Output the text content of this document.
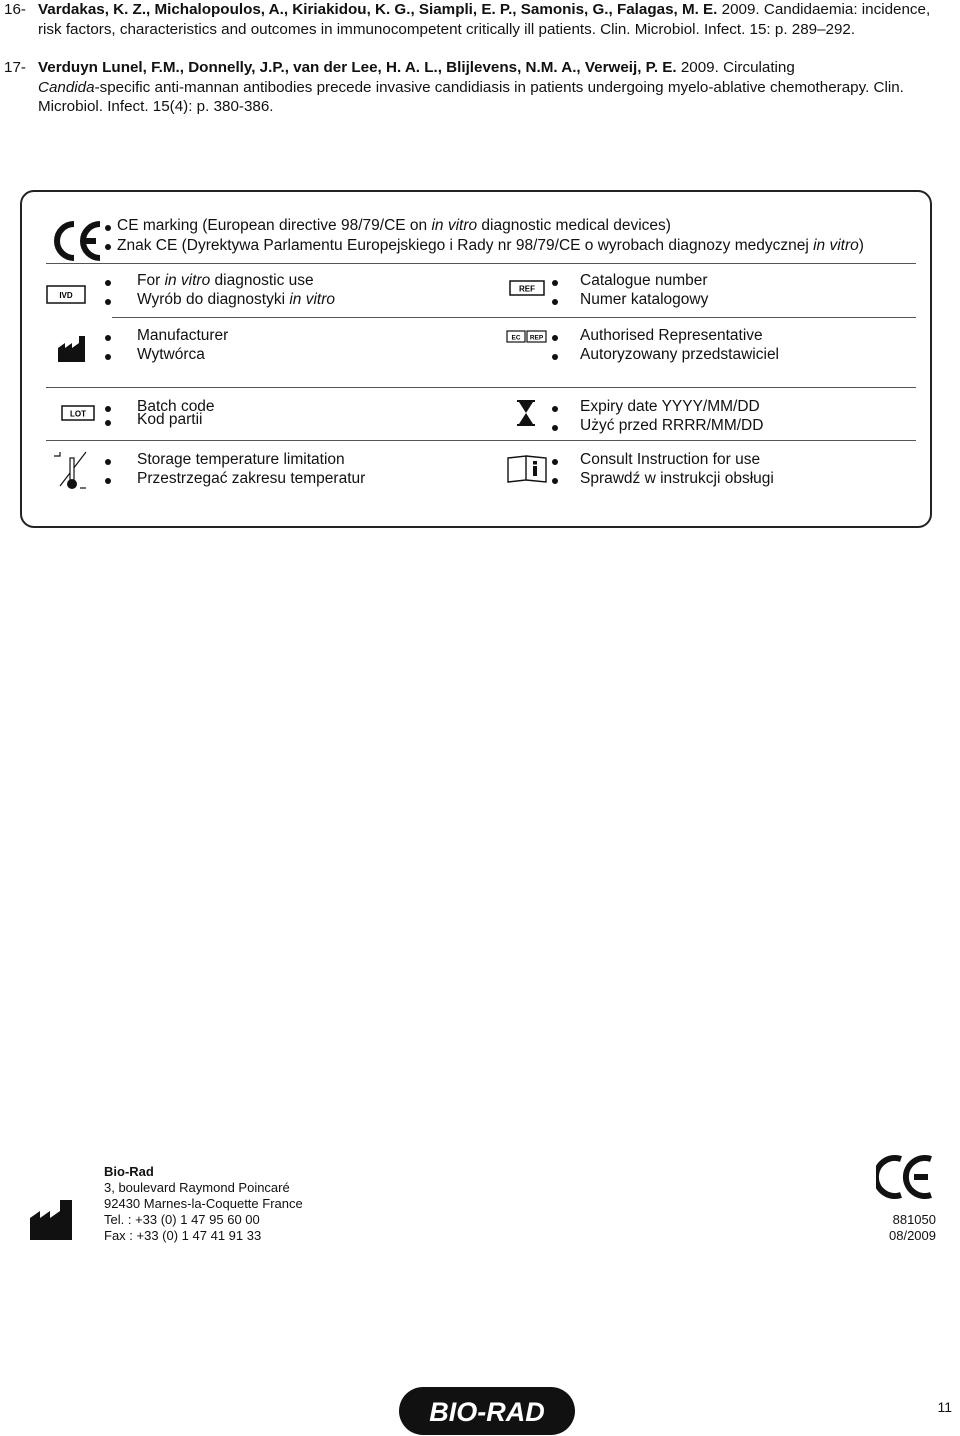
16- Vardakas, K. Z., Michalopoulos, A., Kiriakidou, K. G., Siampli, E. P., Samonis, G., Falagas, M. E. 2009. Candidaemia: incidence, risk factors, characteristics and outcomes in immunocompetent critically ill patients. Clin. Microbiol. Infect. 15: p. 289–292.
17- Verduyn Lunel, F.M., Donnelly, J.P., van der Lee, H. A. L., Blijlevens, N.M. A., Verweij, P. E. 2009. Circulating
Candida-specific anti-mannan antibodies precede invasive candidiasis in patients undergoing myelo-ablative chemotherapy. Clin. Microbiol. Infect. 15(4): p. 380-386.
CE marking (European directive 98/79/CE on in vitro diagnostic medical devices)
Znak CE (Dyrektywa Parlamentu Europejskiego i Rady nr 98/79/CE o wyrobach diagnozy medycznej in vitro)
IVD
For in vitro diagnostic use
Wyrób do diagnostyki in vitro
REF	Catalogue number
Numer katalogowy
Manufacturer
Wytwórca
EC REP Authorised Representative
Autoryzowany przedstawiciel
LOT	Batch code
Kod partii
Expiry date YYYY/MM/DD
Użyć przed RRRR/MM/DD
Storage temperature limitation
Przestrzegać zakresu temperatur
Consult Instruction for use
Sprawdź w instrukcji obsługi
Bio-Rad
3, boulevard Raymond Poincaré
92430 Marnes-la-Coquette France
Tel. : +33 (0) 1 47 95 60 00
Fax : +33 (0) 1 47 41 91 33
881050
08/2009
BIO-RAD	11
